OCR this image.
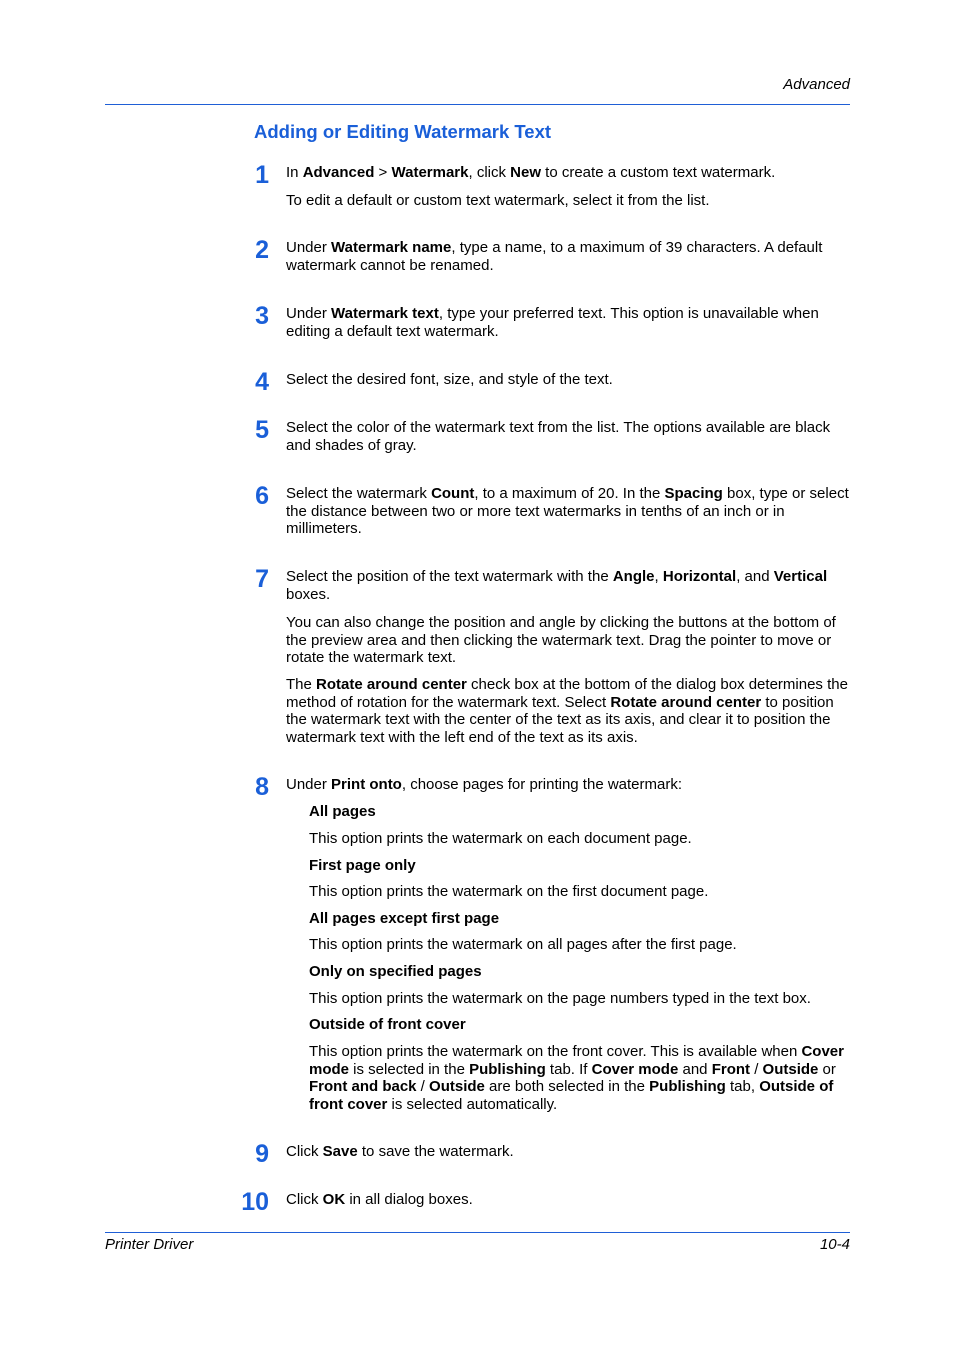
Advanced
Adding or Editing Watermark Text
1 In Advanced > Watermark, click New to create a custom text watermark.
To edit a default or custom text watermark, select it from the list.
2 Under Watermark name, type a name, to a maximum of 39 characters. A default watermark cannot be renamed.
3 Under Watermark text, type your preferred text. This option is unavailable when editing a default text watermark.
4 Select the desired font, size, and style of the text.
5 Select the color of the watermark text from the list. The options available are black and shades of gray.
6 Select the watermark Count, to a maximum of 20. In the Spacing box, type or select the distance between two or more text watermarks in tenths of an inch or in millimeters.
7 Select the position of the text watermark with the Angle, Horizontal, and Vertical boxes.
You can also change the position and angle by clicking the buttons at the bottom of the preview area and then clicking the watermark text. Drag the pointer to move or rotate the watermark text.
The Rotate around center check box at the bottom of the dialog box determines the method of rotation for the watermark text. Select Rotate around center to position the watermark text with the center of the text as its axis, and clear it to position the watermark text with the left end of the text as its axis.
8 Under Print onto, choose pages for printing the watermark:
All pages
This option prints the watermark on each document page.
First page only
This option prints the watermark on the first document page.
All pages except first page
This option prints the watermark on all pages after the first page.
Only on specified pages
This option prints the watermark on the page numbers typed in the text box.
Outside of front cover
This option prints the watermark on the front cover. This is available when Cover mode is selected in the Publishing tab. If Cover mode and Front / Outside or Front and back / Outside are both selected in the Publishing tab, Outside of front cover is selected automatically.
9 Click Save to save the watermark.
10 Click OK in all dialog boxes.
Printer Driver	10-4
